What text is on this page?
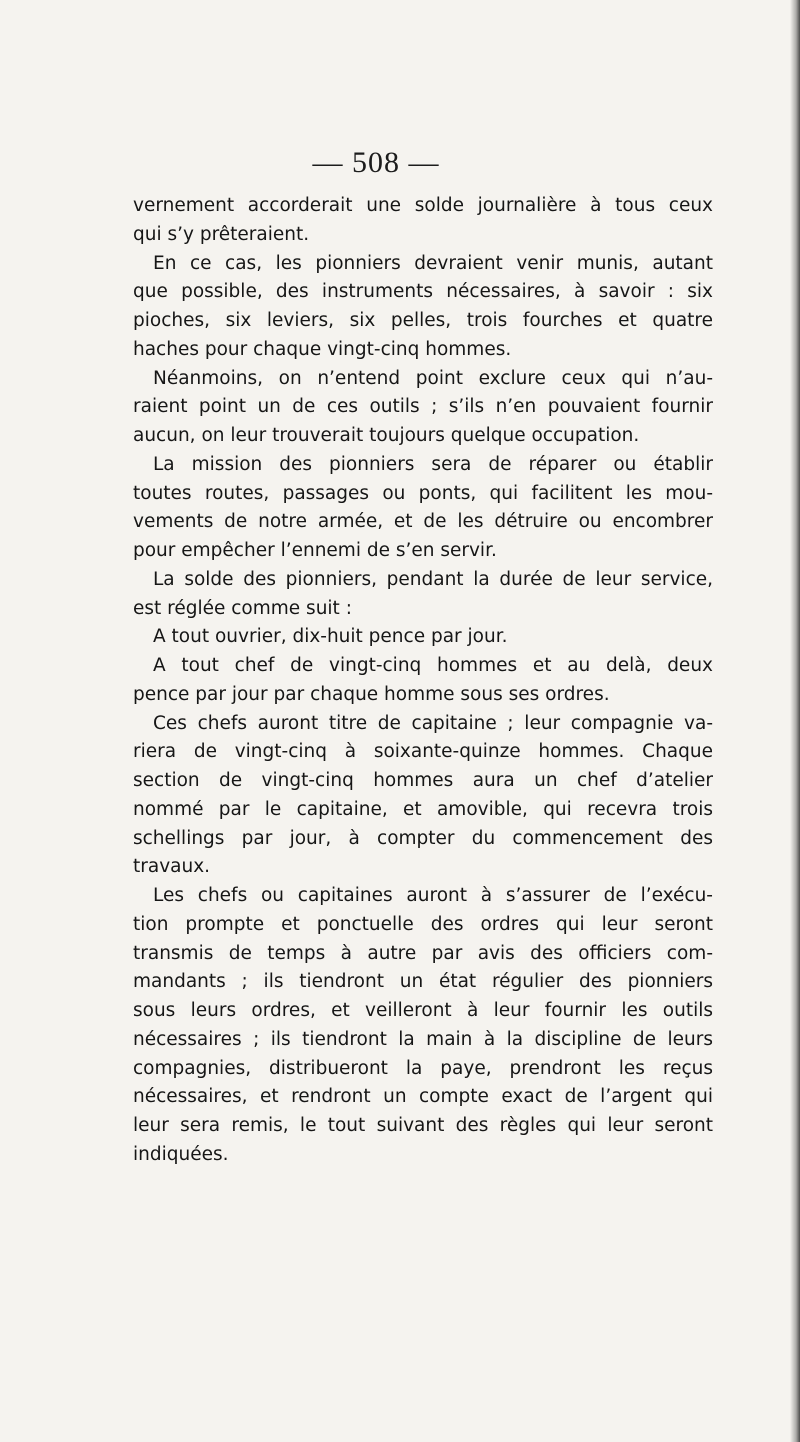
— 508 —
vernement accorderait une solde journalière à tous ceux
qui s’y prêteraient.
En ce cas, les pionniers devraient venir munis, autant
que possible, des instruments nécessaires, à savoir : six
pioches, six leviers, six pelles, trois fourches et quatre
haches pour chaque vingt-cinq hommes.
Néanmoins, on n’entend point exclure ceux qui n’au-
raient point un de ces outils ; s’ils n’en pouvaient fournir
aucun, on leur trouverait toujours quelque occupation.
La mission des pionniers sera de réparer ou établir
toutes routes, passages ou ponts, qui facilitent les mou-
vements de notre armée, et de les détruire ou encombrer
pour empêcher l’ennemi de s’en servir.
La solde des pionniers, pendant la durée de leur service,
est réglée comme suit :
A tout ouvrier, dix-huit pence par jour.
A tout chef de vingt-cinq hommes et au delà, deux
pence par jour par chaque homme sous ses ordres.
Ces chefs auront titre de capitaine ; leur compagnie va-
riera de vingt-cinq à soixante-quinze hommes. Chaque
section de vingt-cinq hommes aura un chef d’atelier
nommé par le capitaine, et amovible, qui recevra trois
schellings par jour, à compter du commencement des
travaux.
Les chefs ou capitaines auront à s’assurer de l’exécu-
tion prompte et ponctuelle des ordres qui leur seront
transmis de temps à autre par avis des officiers com-
mandants ; ils tiendront un état régulier des pionniers
sous leurs ordres, et veilleront à leur fournir les outils
nécessaires ; ils tiendront la main à la discipline de leurs
compagnies, distribueront la paye, prendront les reçus
nécessaires, et rendront un compte exact de l’argent qui
leur sera remis, le tout suivant des règles qui leur seront
indiquées.
